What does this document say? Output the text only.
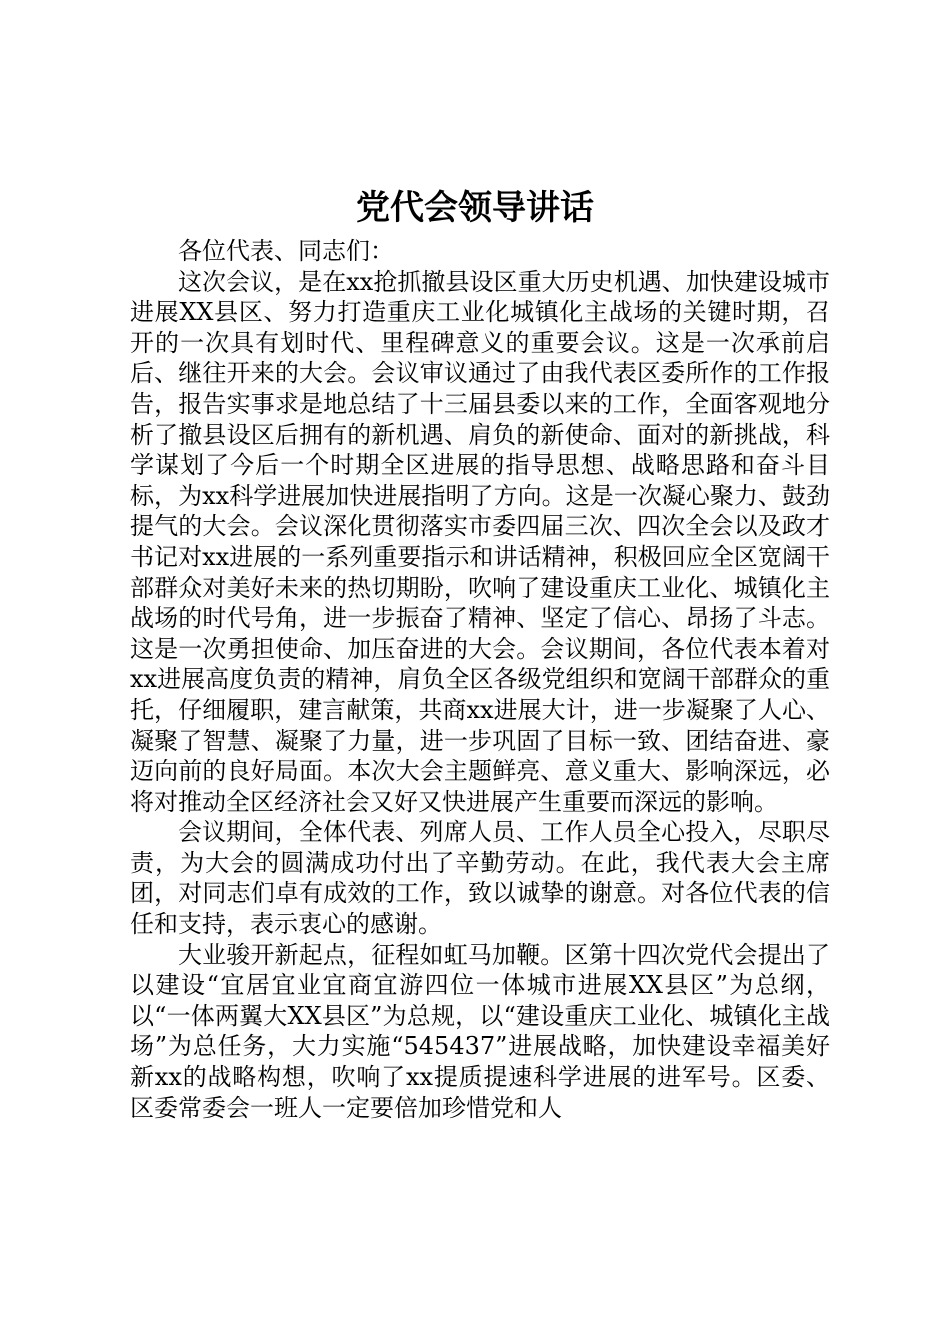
党代会领导讲话

各位代表、同志们：

这次会议，是在xx抢抓撤县设区重大历史机遇、加快建设城市进展XX县区、努力打造重庆工业化城镇化主战场的关键时期，召开的一次具有划时代、里程碑意义的重要会议。这是一次承前启后、继往开来的大会。会议审议通过了由我代表区委所作的工作报告，报告实事求是地总结了十三届县委以来的工作，全面客观地分析了撤县设区后拥有的新机遇、肩负的新使命、面对的新挑战，科学谋划了今后一个时期全区进展的指导思想、战略思路和奋斗目标，为xx科学进展加快进展指明了方向。这是一次凝心聚力、鼓劲提气的大会。会议深化贯彻落实市委四届三次、四次全会以及政才书记对xx进展的一系列重要指示和讲话精神，积极回应全区宽阔干部群众对美好未来的热切期盼，吹响了建设重庆工业化、城镇化主战场的时代号角，进一步振奋了精神、坚定了信心、昂扬了斗志。这是一次勇担使命、加压奋进的大会。会议期间，各位代表本着对xx进展高度负责的精神，肩负全区各级党组织和宽阔干部群众的重托，仔细履职，建言献策，共商xx进展大计，进一步凝聚了人心、凝聚了智慧、凝聚了力量，进一步巩固了目标一致、团结奋进、豪迈向前的良好局面。本次大会主题鲜亮、意义重大、影响深远，必将对推动全区经济社会又好又快进展产生重要而深远的影响。

会议期间，全体代表、列席人员、工作人员全心投入，尽职尽责，为大会的圆满成功付出了辛勤劳动。在此，我代表大会主席团，对同志们卓有成效的工作，致以诚挚的谢意。对各位代表的信任和支持，表示衷心的感谢。

大业骏开新起点，征程如虹马加鞭。区第十四次党代会提出了以建设“宜居宜业宜商宜游四位一体城市进展XX县区”为总纲，以“一体两翼大XX县区”为总规，以“建设重庆工业化、城镇化主战场”为总任务，大力实施“545437”进展战略，加快建设幸福美好新xx的战略构想，吹响了xx提质提速科学进展的进军号。区委、区委常委会一班人一定要倍加珍惜党和人
